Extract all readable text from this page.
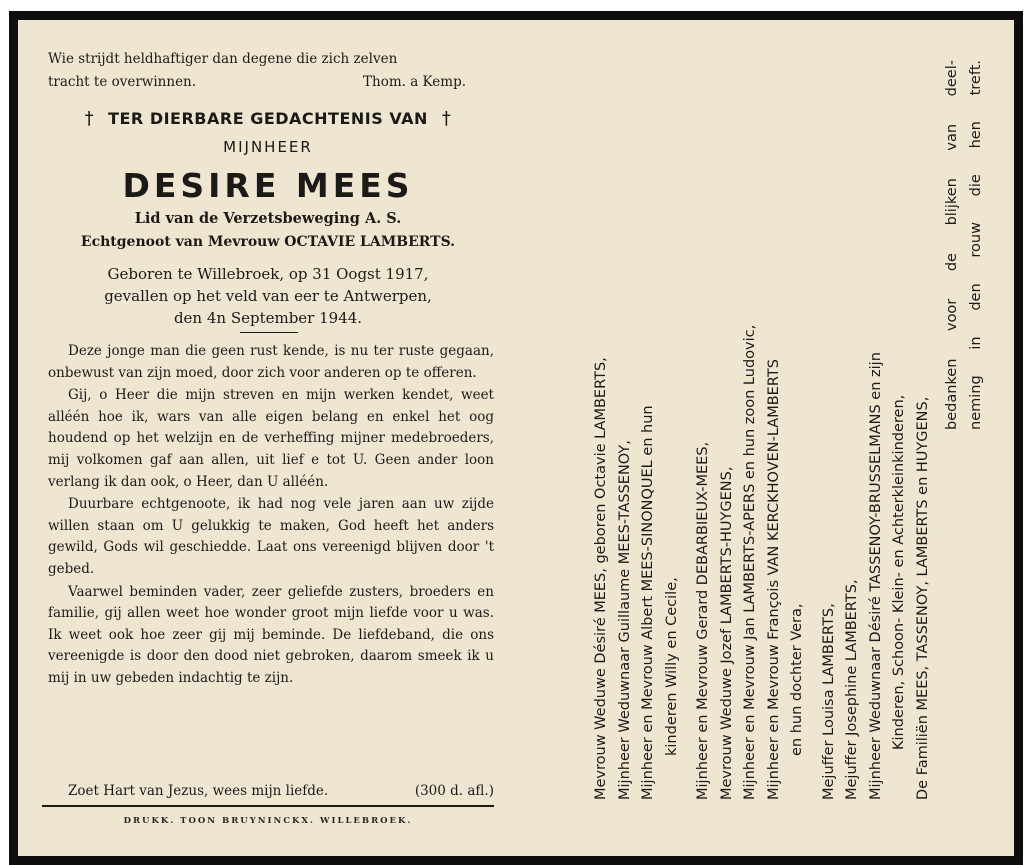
Wie strijdt heldhaftiger dan degene die zich zelven
tracht te overwinnen.	Thom. a Kemp.
† TER DIERBARE GEDACHTENIS VAN †
MIJNHEER
DESIRE MEES
Lid van de Verzetsbeweging A. S.
Echtgenoot van Mevrouw OCTAVIE LAMBERTS.
Geboren te Willebroek, op 31 Oogst 1917,
gevallen op het veld van eer te Antwerpen,
den 4n September 1944.

Deze jonge man die geen rust kende, is nu ter ruste gegaan, onbewust van zijn moed, door zich voor anderen op te offeren.

Gij, o Heer die mijn streven en mijn werken kendet, weet alléén hoe ik, wars van alle eigen belang en enkel het oog houdend op het welzijn en de verheffing mijner medebroeders, mij volkomen gaf aan allen, uit lief e tot U. Geen ander loon verlang ik dan ook, o Heer, dan U alléén.

Duurbare echtgenoote, ik had nog vele jaren aan uw zijde willen staan om U gelukkig te maken, God heeft het anders gewild, Gods wil geschiedde. Laat ons vereenigd blijven door 't gebed.

Vaarwel beminden vader, zeer geliefde zusters, broeders en familie, gij allen weet hoe wonder groot mijn liefde voor u was. Ik weet ook hoe zeer gij mij beminde. De liefdeband, die ons vereenigde is door den dood niet gebroken, daarom smeek ik u mij in uw gebeden indachtig te zijn.

Zoet Hart van Jezus, wees mijn liefde.	(300 d. afl.)
DRUKK. TOON BRUYNINCKX. WILLEBROEK.
Mevrouw Weduwe Désiré MEES, geboren Octavie LAMBERTS, Mijnheer Weduwnaar Guillaume MEES-TASSENOY, Mijnheer en Mevrouw Albert MEES-SINONQUEL en hun kinderen Willy en Cecile,	Mijnheer en Mevrouw Gerard DEBARBIEUX-MEES, Mevrouw Weduwe Jozef LAMBERTS-HUYGENS, Mijnheer en Mevrouw Jan LAMBERTS-APERS en hun zoon Ludovic, Mijnheer en Mevrouw François VAN KERCKHOVEN-LAMBERTS en hun dochter Vera,	Mejuffer Louisa LAMBERTS, Mejuffer Josephine LAMBERTS, Mijnheer Weduwnaar Désiré TASSENOY-BRUSSELMANS en zijn Kinderen, Schoon- Klein- en Achterkleinkinderen, De Familiën MEES, TASSENOY, LAMBERTS en HUYGENS,
bedanken voor de blijken van deel- neming in den rouw die hen treft.
